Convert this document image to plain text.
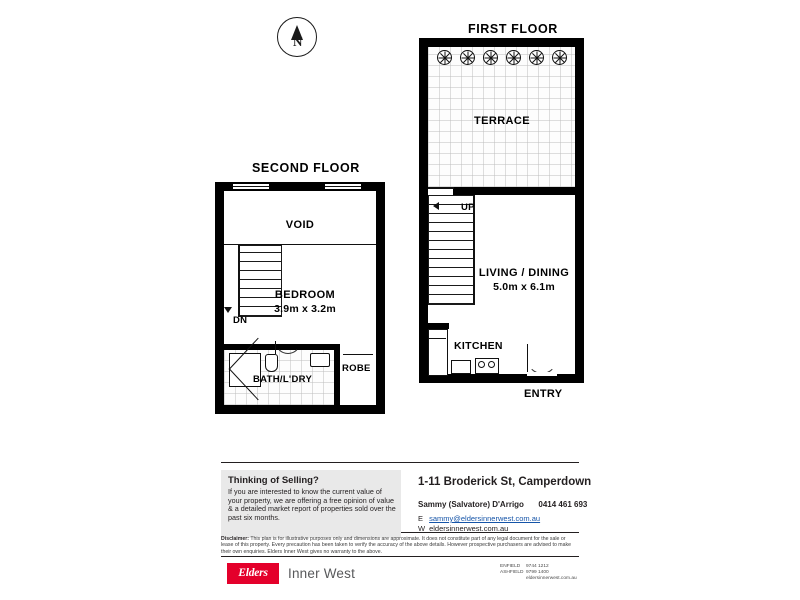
N
SECOND FLOOR
FIRST FLOOR
DN
VOID
BEDROOM
3.9m x 3.2m
BATH/L'DRY
ROBE
TERRACE
UP
LIVING / DINING
5.0m x 6.1m
KITCHEN
ENTRY
Thinking of Selling?
If you are interested to know the current value of your property, we are offering a free opinion of value & a detailed market report of properties sold over the past six months.
1-11 Broderick St, Camperdown
Sammy (Salvatore) D'Arrigo 0414 461 693
E sammy@eldersinnerwest.com.au
W eldersinnerwest.com.au
Disclaimer: This plan is for illustrative purposes only and dimensions are approximate. It does not constitute part of any legal document for the sale or lease of this property. Every precaution has been taken to verify the accuracy of the above details. However prospective purchasers are advised to make their own enquiries. Elders Inner West gives no warranty to the above.
Elders	Inner West	ENFIELD 9744 1212
ASHFIELD 9799 1400
eldersinnerwest.com.au
